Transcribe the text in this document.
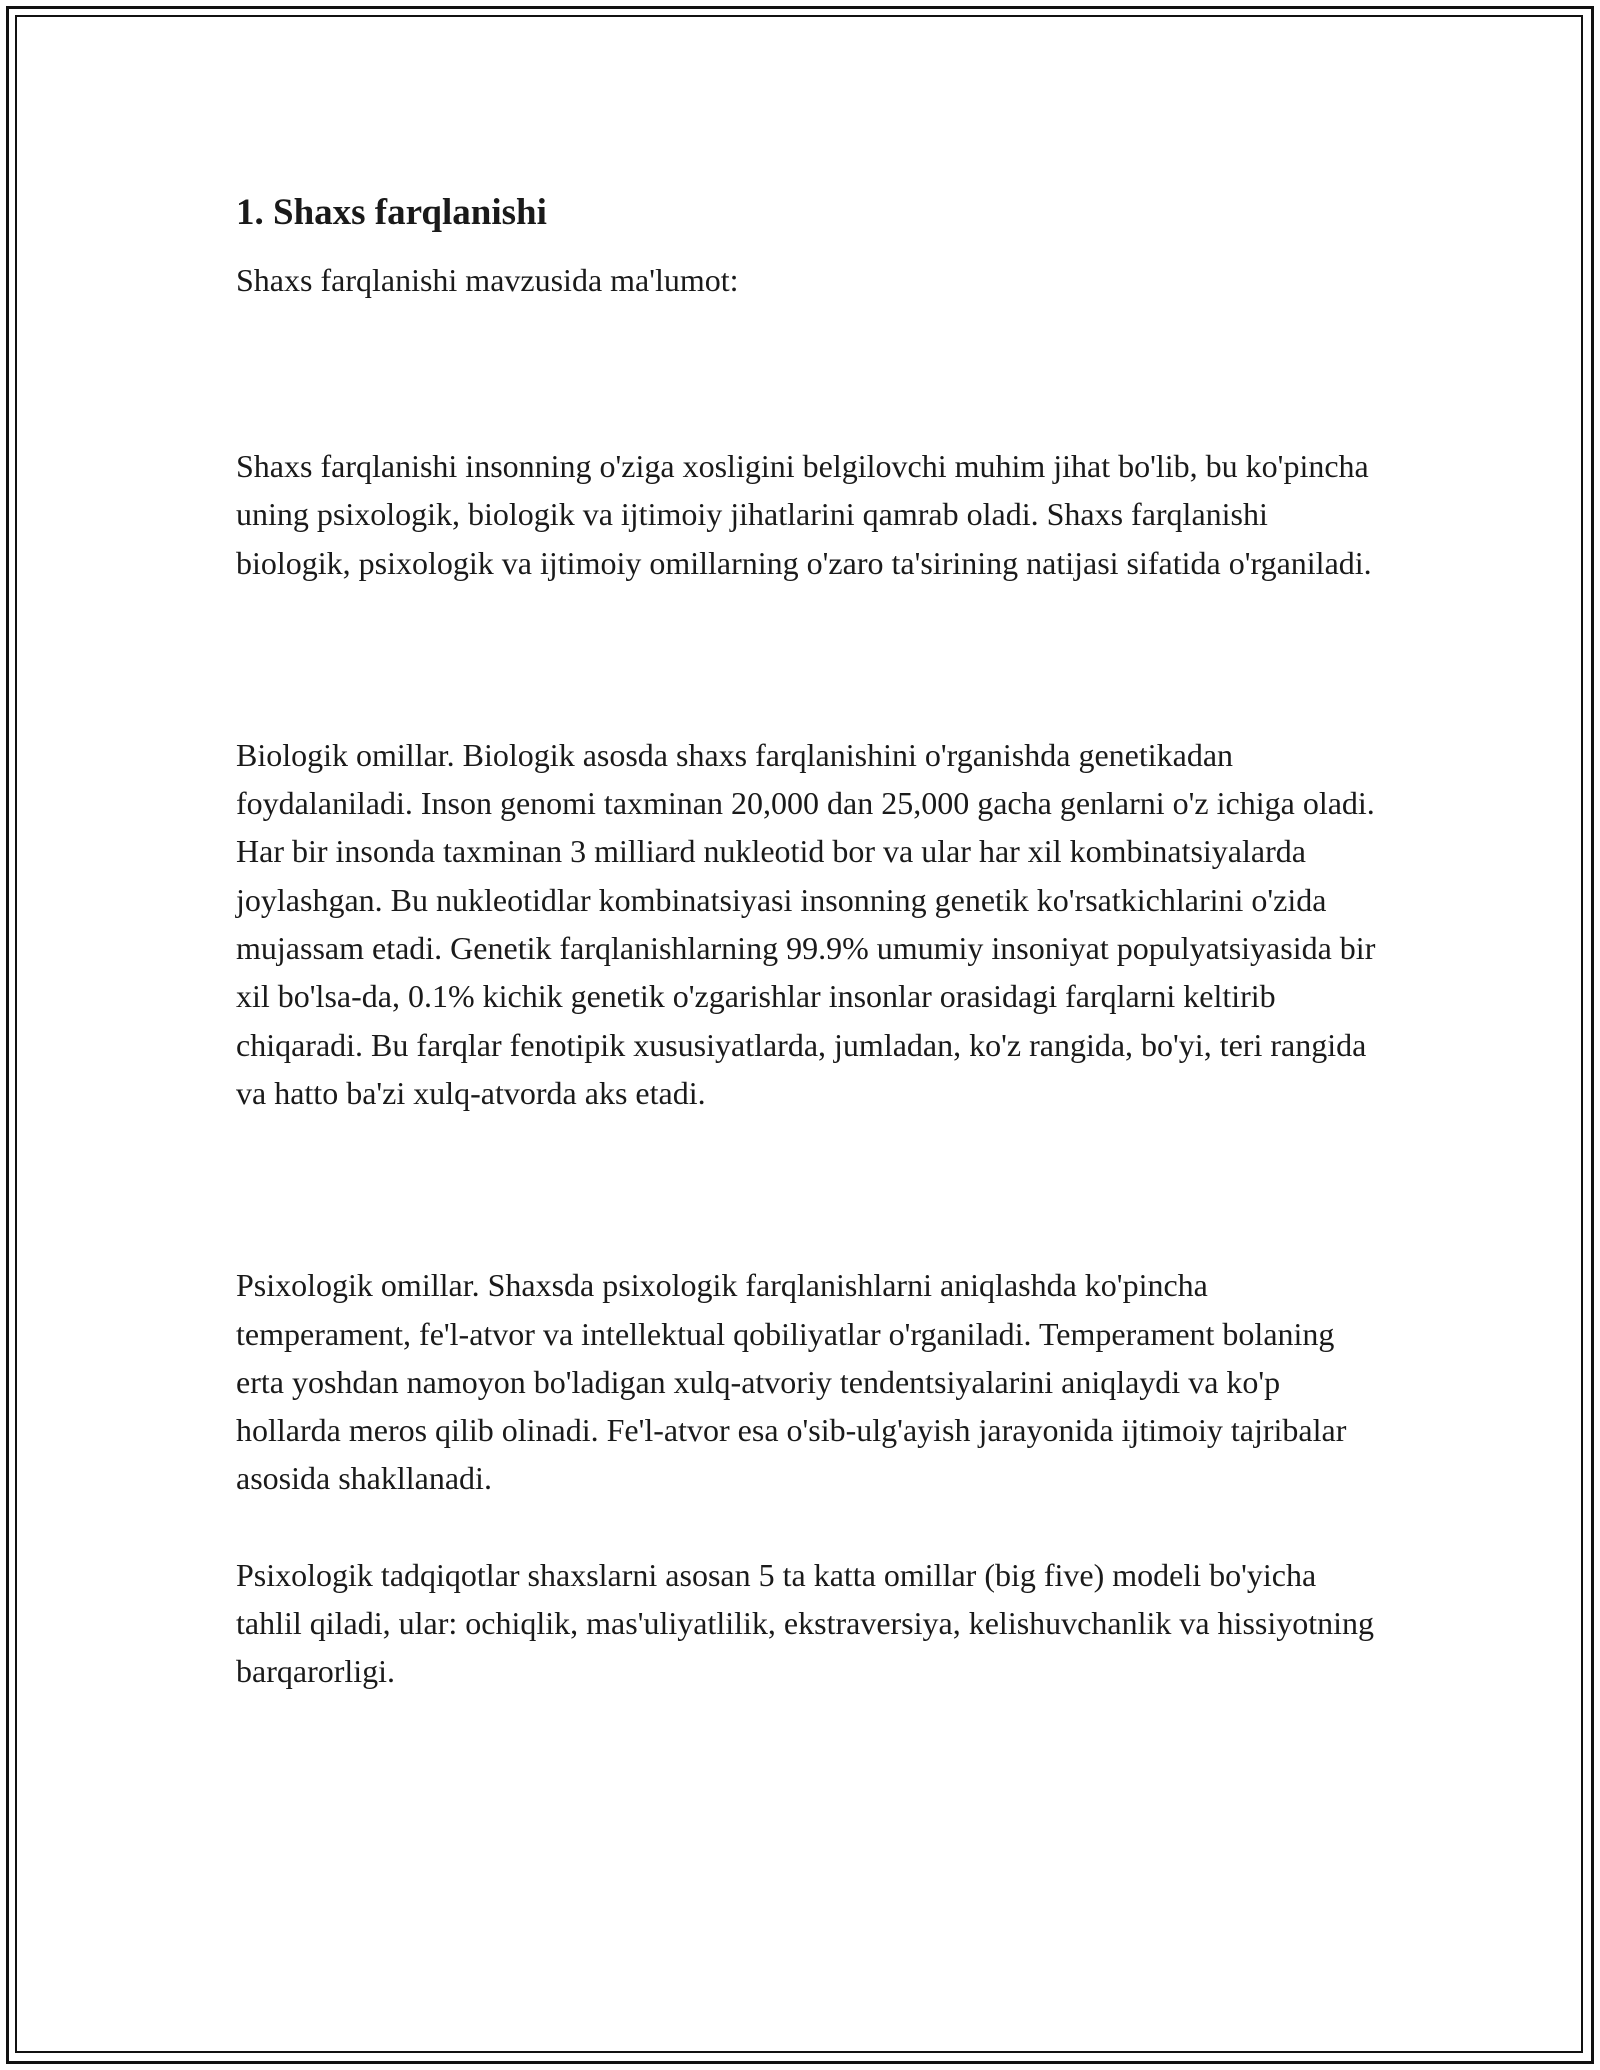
1. Shaxs farqlanishi

Shaxs farqlanishi mavzusida ma'lumot:

Shaxs farqlanishi insonning o'ziga xosligini belgilovchi muhim jihat bo'lib, bu ko'pincha uning psixologik, biologik va ijtimoiy jihatlarini qamrab oladi. Shaxs farqlanishi biologik, psixologik va ijtimoiy omillarning o'zaro ta'sirining natijasi sifatida o'rganiladi.

Biologik omillar. Biologik asosda shaxs farqlanishini o'rganishda genetikadan foydalaniladi. Inson genomi taxminan 20,000 dan 25,000 gacha genlarni o'z ichiga oladi. Har bir insonda taxminan 3 milliard nukleotid bor va ular har xil kombinatsiyalarda joylashgan. Bu nukleotidlar kombinatsiyasi insonning genetik ko'rsatkichlarini o'zida mujassam etadi. Genetik farqlanishlarning 99.9% umumiy insoniyat populyatsiyasida bir xil bo'lsa-da, 0.1% kichik genetik o'zgarishlar insonlar orasidagi farqlarni keltirib chiqaradi. Bu farqlar fenotipik xususiyatlarda, jumladan, ko'z rangida, bo'yi, teri rangida va hatto ba'zi xulq-atvorda aks etadi.

Psixologik omillar. Shaxsda psixologik farqlanishlarni aniqlashda ko'pincha temperament, fe'l-atvor va intellektual qobiliyatlar o'rganiladi. Temperament bolaning erta yoshdan namoyon bo'ladigan xulq-atvoriy tendentsiyalarini aniqlaydi va ko'p hollarda meros qilib olinadi. Fe'l-atvor esa o'sib-ulg'ayish jarayonida ijtimoiy tajribalar asosida shakllanadi.

Psixologik tadqiqotlar shaxslarni asosan 5 ta katta omillar (big five) modeli bo'yicha tahlil qiladi, ular: ochiqlik, mas'uliyatlilik, ekstraversiya, kelishuvchanlik va hissiyotning barqarorligi.
